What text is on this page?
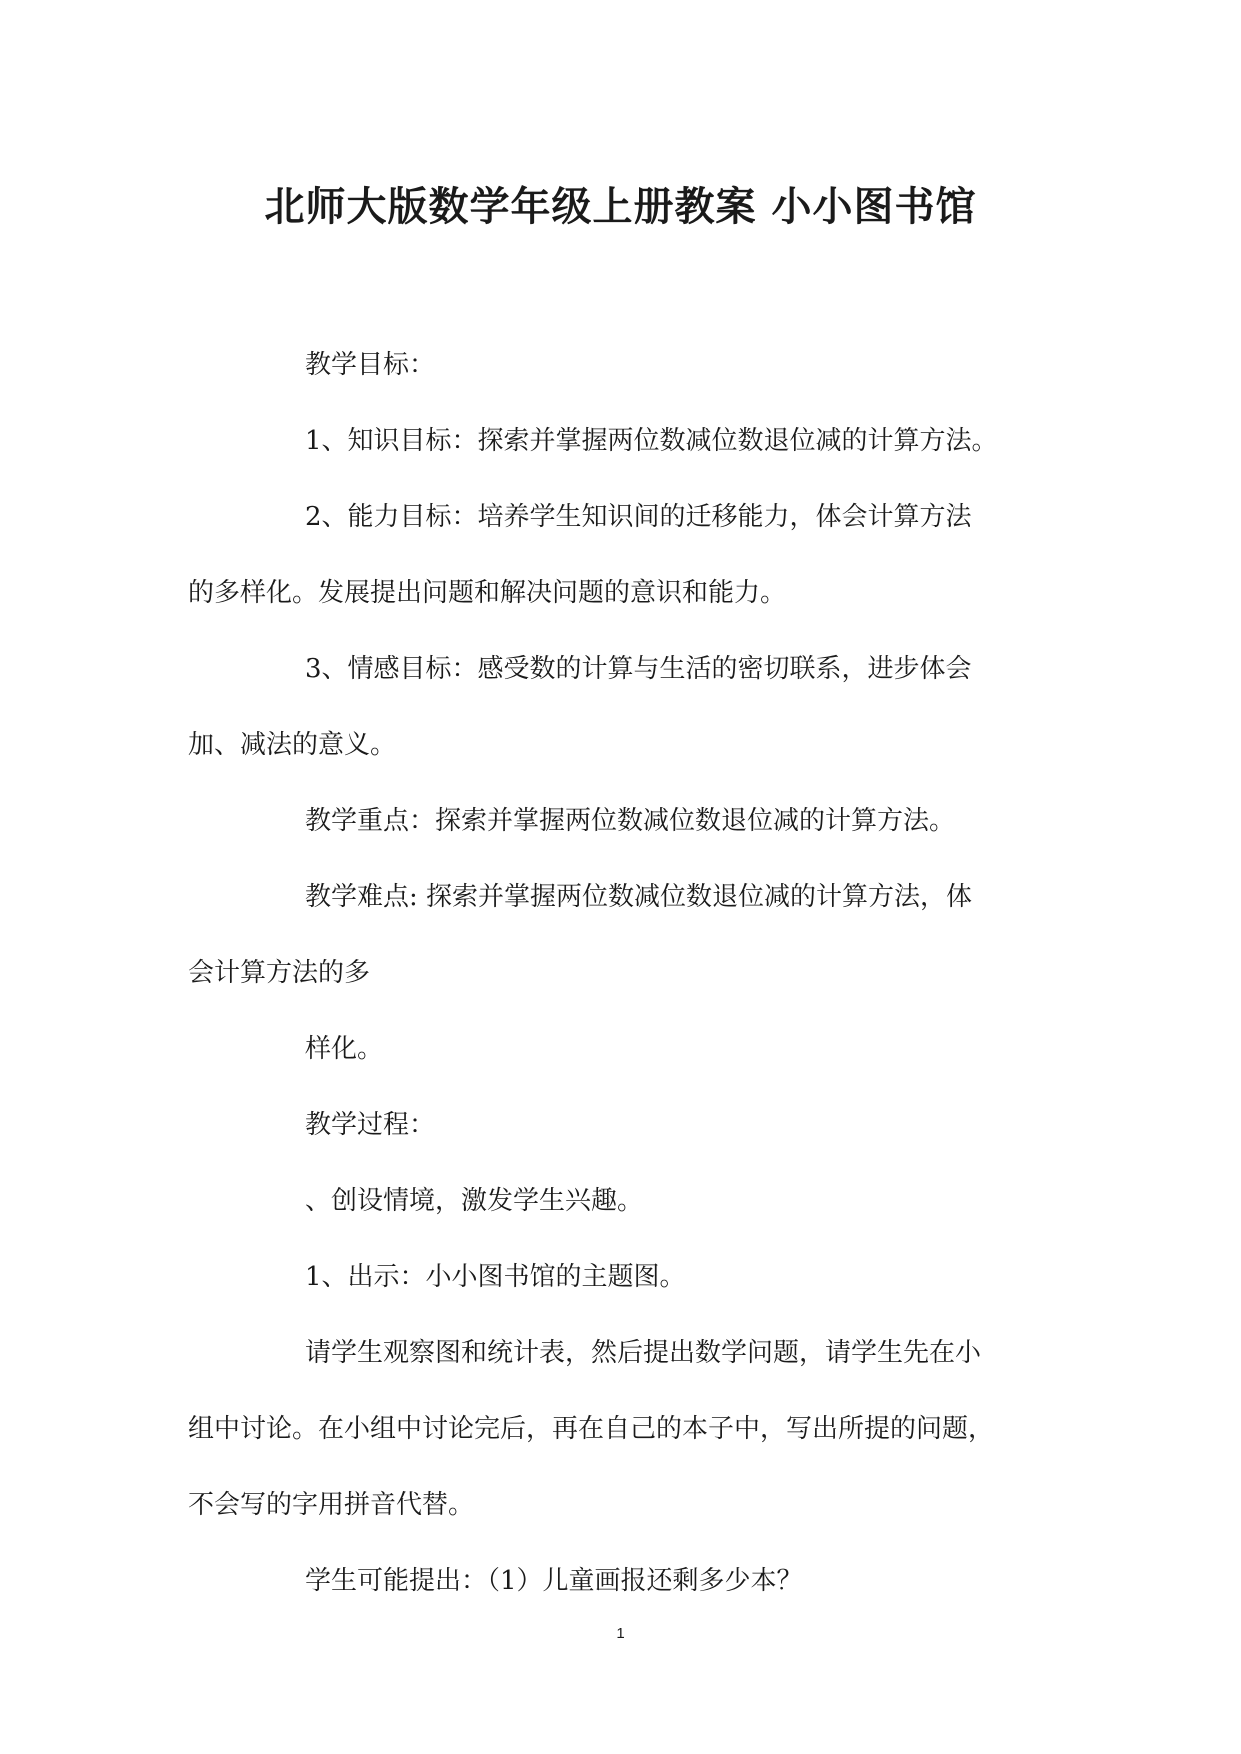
北师大版数学年级上册教案 小小图书馆

教学目标：

1、知识目标：探索并掌握两位数减位数退位减的计算方法。

2、能力目标：培养学生知识间的迁移能力，体会计算方法

的多样化。发展提出问题和解决问题的意识和能力。

3、情感目标：感受数的计算与生活的密切联系，进步体会

加、减法的意义。

教学重点：探索并掌握两位数减位数退位减的计算方法。

教学难点: 探索并掌握两位数减位数退位减的计算方法，体

会计算方法的多

样化。

教学过程：

、创设情境，激发学生兴趣。

1、出示：小小图书馆的主题图。

请学生观察图和统计表，然后提出数学问题，请学生先在小

组中讨论。在小组中讨论完后，再在自己的本子中，写出所提的问题，

不会写的字用拼音代替。

学生可能提出：（1）儿童画报还剩多少本？

1
